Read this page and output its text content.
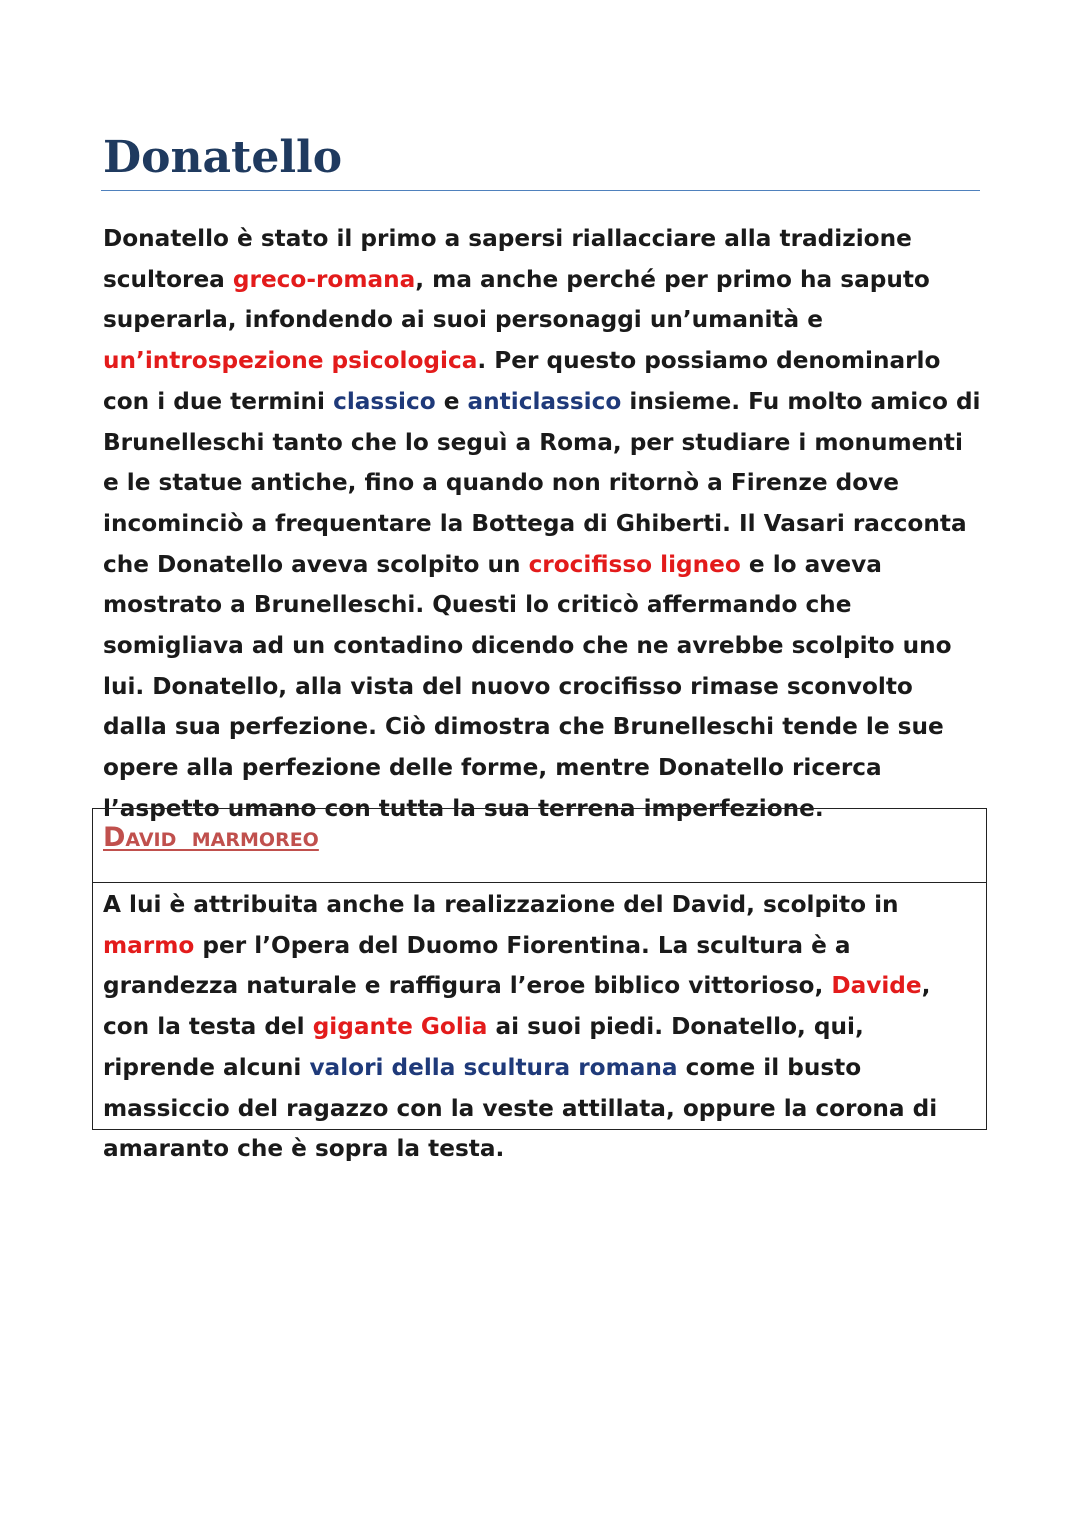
Donatello

Donatello è stato il primo a sapersi riallacciare alla tradizione scultorea greco-romana, ma anche perché per primo ha saputo superarla, infondendo ai suoi personaggi un’umanità e un’introspezione psicologica. Per questo possiamo denominarlo con i due termini classico e anticlassico insieme. Fu molto amico di Brunelleschi tanto che lo seguì a Roma, per studiare i monumenti e le statue antiche, fino a quando non ritornò a Firenze dove incominciò a frequentare la Bottega di Ghiberti. Il Vasari racconta che Donatello aveva scolpito un crocifisso ligneo e lo aveva mostrato a Brunelleschi. Questi lo criticò affermando che somigliava ad un contadino dicendo che ne avrebbe scolpito uno lui. Donatello, alla vista del nuovo crocifisso rimase sconvolto dalla sua perfezione. Ciò dimostra che Brunelleschi tende le sue opere alla perfezione delle forme, mentre Donatello ricerca l’aspetto umano con tutta la sua terrena imperfezione.

David marmoreo

A lui è attribuita anche la realizzazione del David, scolpito in marmo per l’Opera del Duomo Fiorentina. La scultura è a grandezza naturale e raffigura l’eroe biblico vittorioso, Davide, con la testa del gigante Golia ai suoi piedi. Donatello, qui, riprende alcuni valori della scultura romana come il busto massiccio del ragazzo con la veste attillata, oppure la corona di amaranto che è sopra la testa.
